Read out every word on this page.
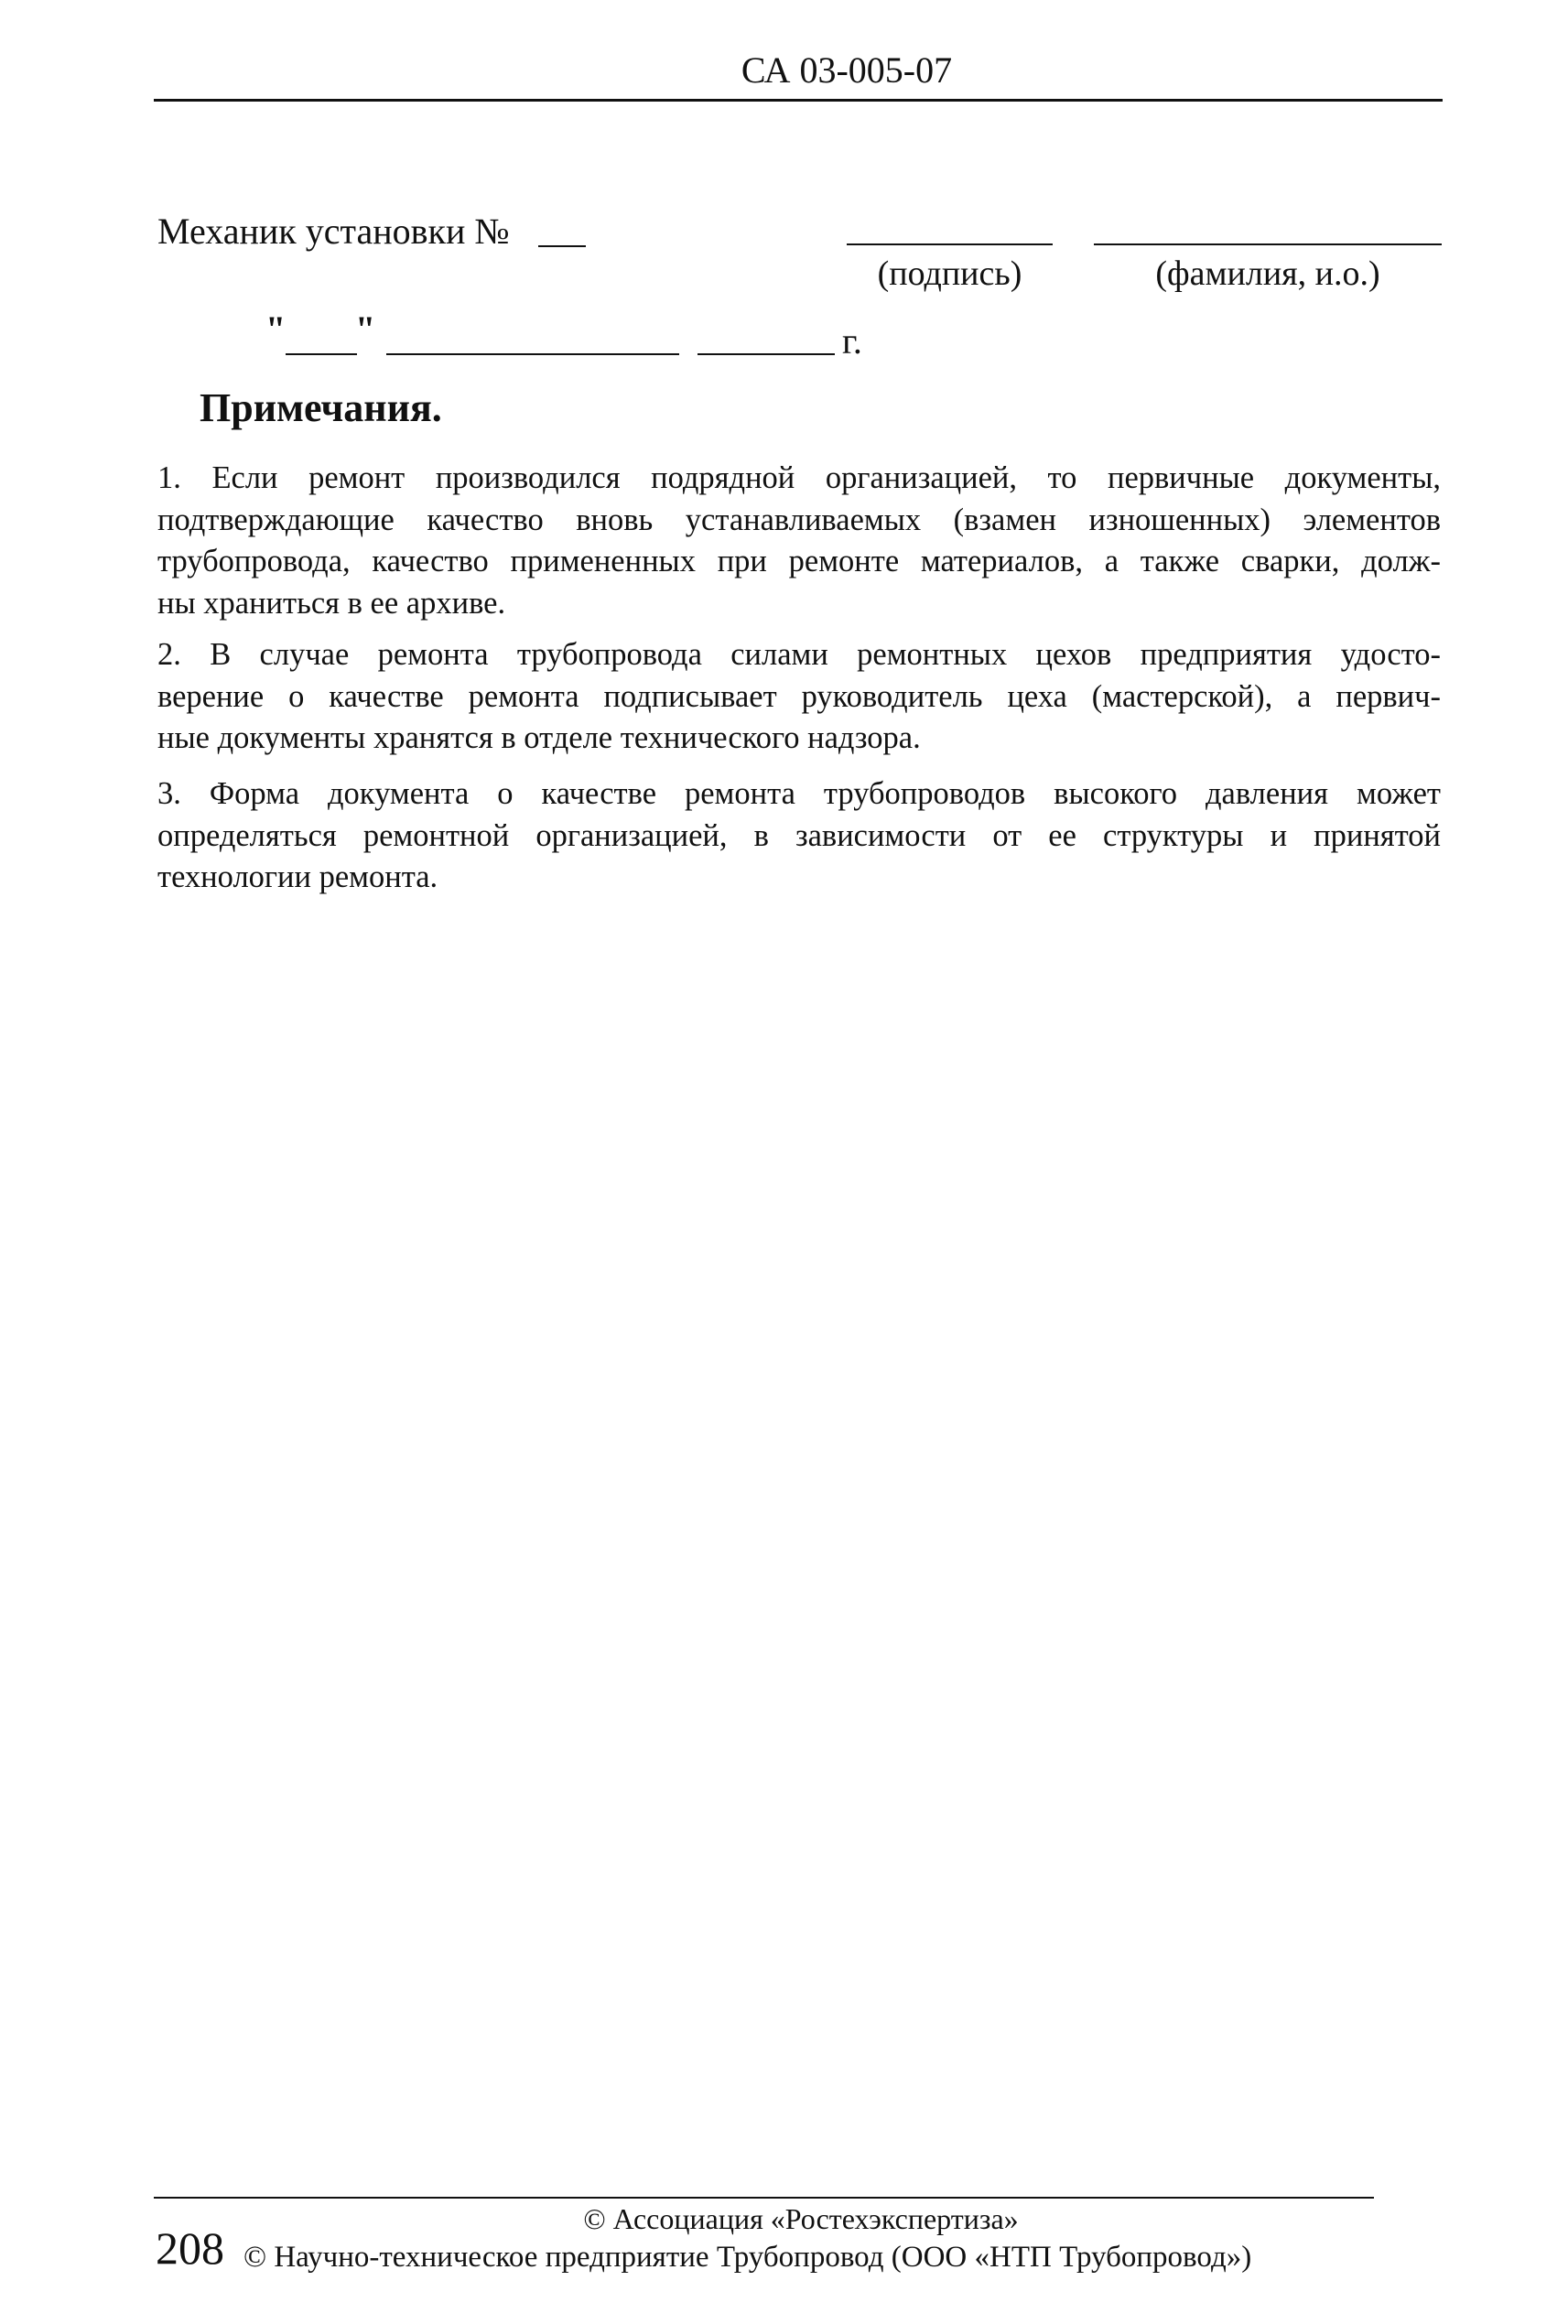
СА 03-005-07
Механик установки №
(подпись)	(фамилия, и.о.)
" "	г.
Примечания.
1. Если ремонт производился подрядной организацией, то первичные документы,
подтверждающие качество вновь устанавливаемых (взамен изношенных) элементов
трубопровода, качество примененных при ремонте материалов, а также сварки, долж-
ны храниться в ее архиве.
2. В случае ремонта трубопровода силами ремонтных цехов предприятия удосто-
верение о качестве ремонта подписывает руководитель цеха (мастерской), а первич-
ные документы хранятся в отделе технического надзора.
3. Форма документа о качестве ремонта трубопроводов высокого давления может
определяться ремонтной организацией, в зависимости от ее структуры и принятой
технологии ремонта.
© Ассоциация «Ростехэкспертиза»
208 © Научно-техническое предприятие Трубопровод (ООО «НТП Трубопровод»)
